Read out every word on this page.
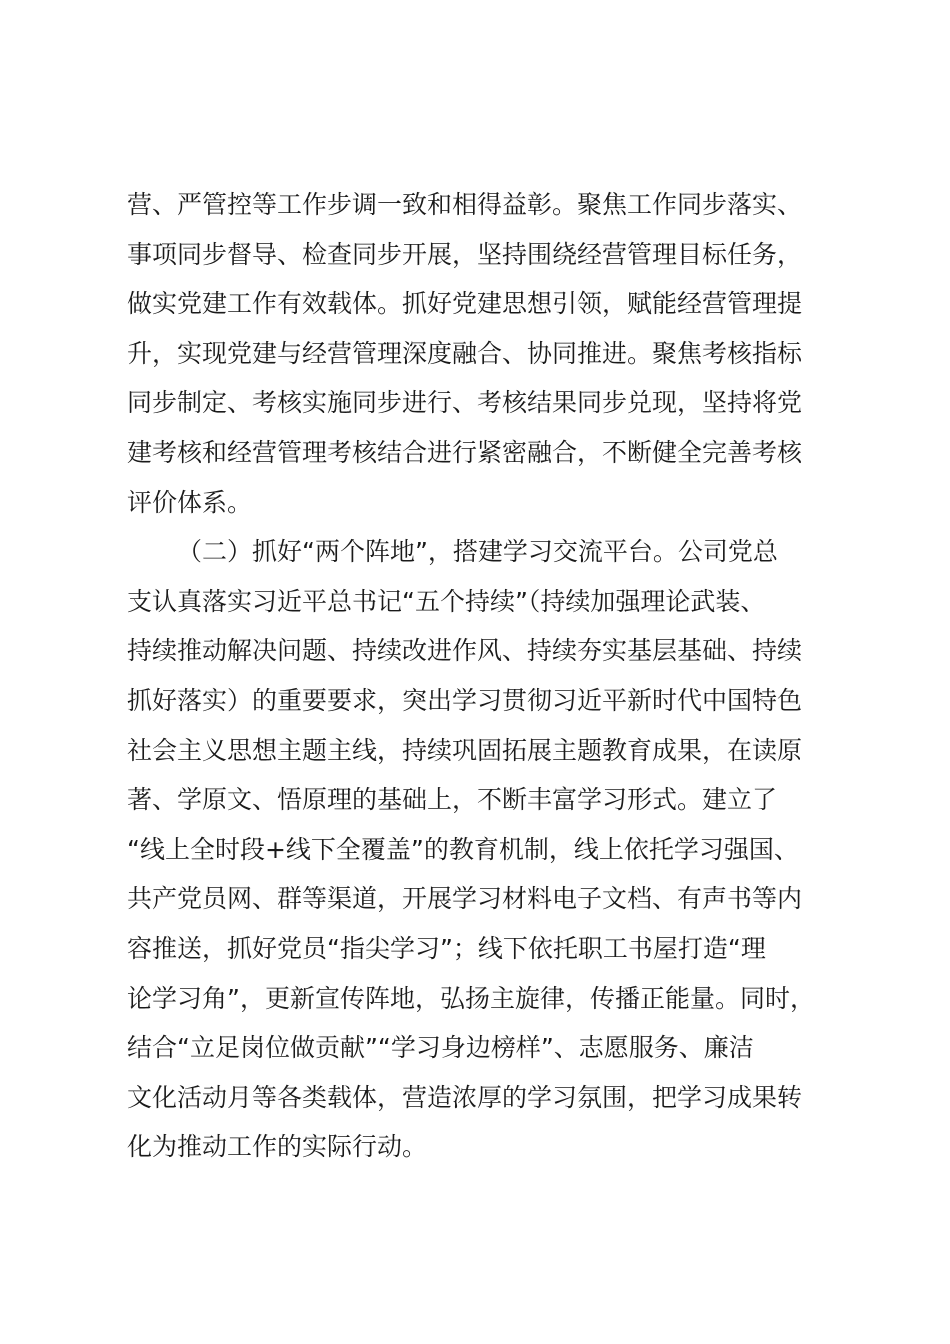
营、严管控等工作步调一致和相得益彰。聚焦工作同步落实、
事项同步督导、检查同步开展，坚持围绕经营管理目标任务，
做实党建工作有效载体。抓好党建思想引领，赋能经营管理提
升，实现党建与经营管理深度融合、协同推进。聚焦考核指标
同步制定、考核实施同步进行、考核结果同步兑现，坚持将党
建考核和经营管理考核结合进行紧密融合，不断健全完善考核
评价体系。
（二）抓好“两个阵地”，搭建学习交流平台。公司党总
支认真落实习近平总书记“五个持续”（持续加强理论武装、
持续推动解决问题、持续改进作风、持续夯实基层基础、持续
抓好落实）的重要要求，突出学习贯彻习近平新时代中国特色
社会主义思想主题主线，持续巩固拓展主题教育成果，在读原
著、学原文、悟原理的基础上，不断丰富学习形式。建立了
“线上全时段+线下全覆盖”的教育机制，线上依托学习强国、
共产党员网、群等渠道，开展学习材料电子文档、有声书等内
容推送，抓好党员“指尖学习”；线下依托职工书屋打造“理
论学习角”，更新宣传阵地，弘扬主旋律，传播正能量。同时，
结合“立足岗位做贡献”“学习身边榜样”、志愿服务、廉洁
文化活动月等各类载体，营造浓厚的学习氛围，把学习成果转
化为推动工作的实际行动。
